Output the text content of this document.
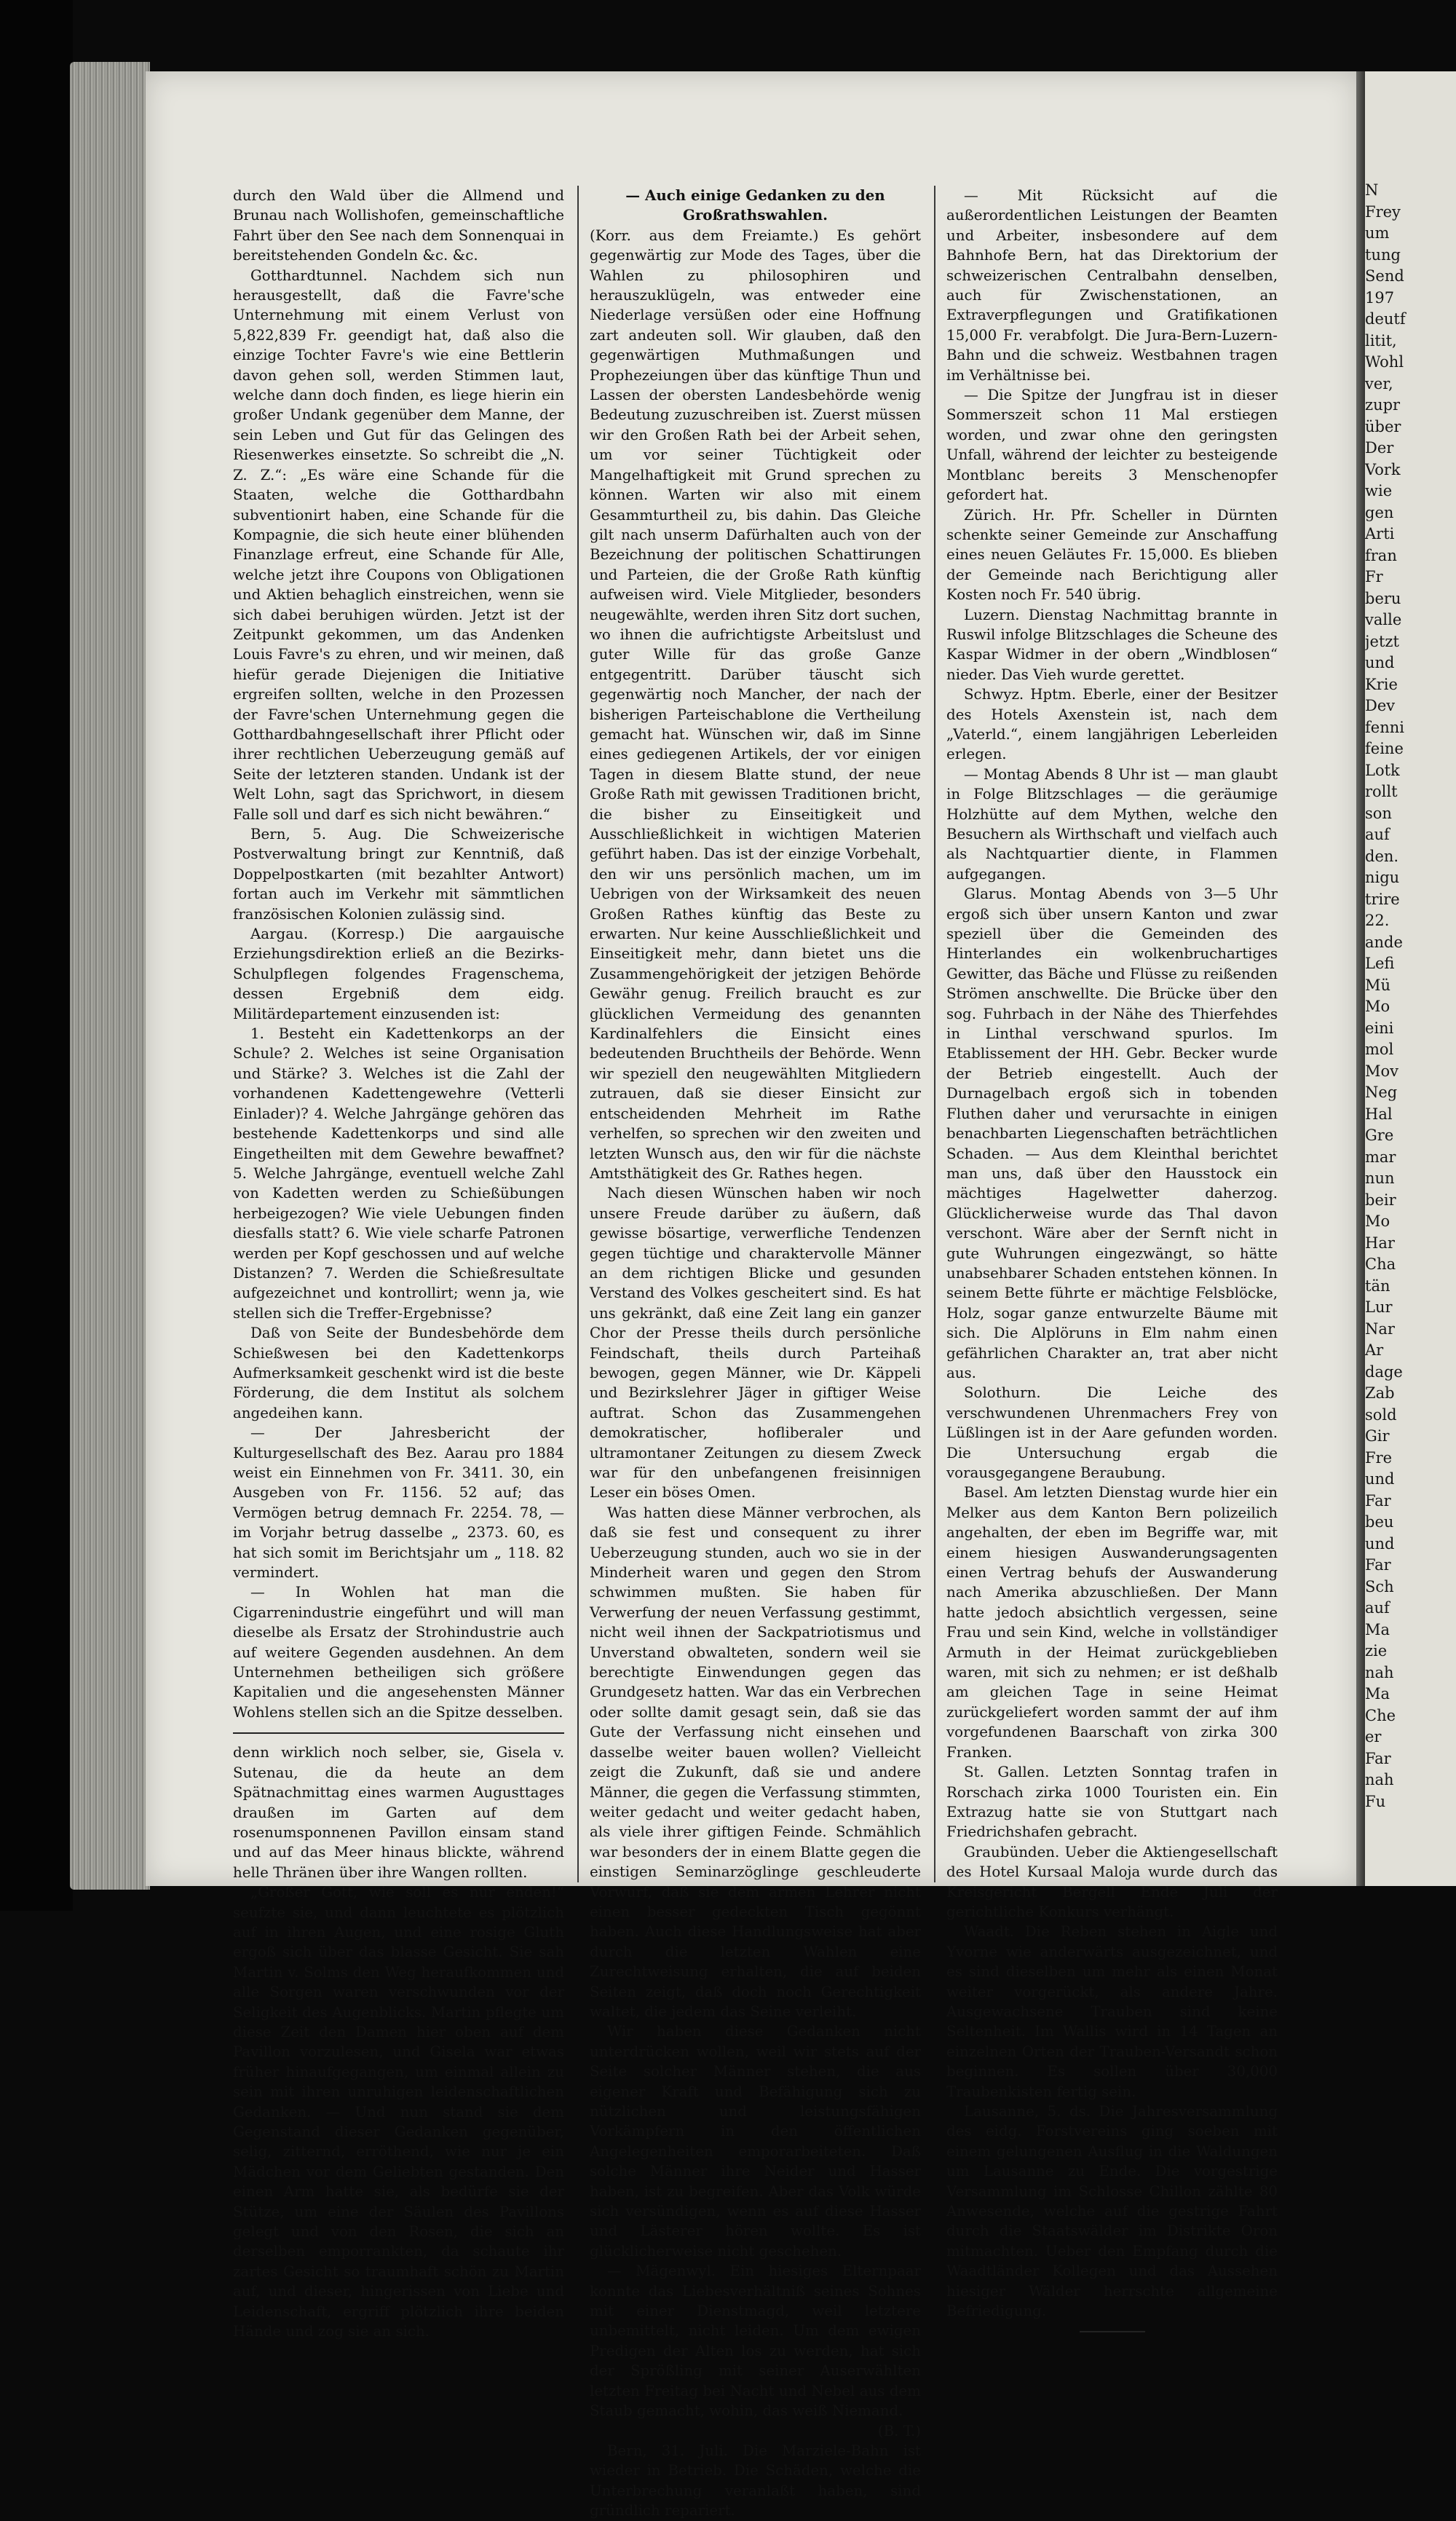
N
Frey
um
tung
Send
197
deutf
litit,
Wohl
ver,
zupr
über
Der
Vork
wie
gen
Arti
fran
Fr
beru
valle
jetzt
und
Krie
Dev
fenni
feine
Lotk
rollt
son
auf
den.
nigu
trire
22.
ande
Lefi
Mü
Mo
eini
mol
Mov
Neg
Hal
Gre
mar
nun
beir
Mo
Har
Cha
tän
Lur
Nar
Ar
dage
Zab
sold
Gir
Fre
und
Far
beu
und
Far
Sch
auf
Ma
zie
nah
Ma
Che
er
Far
nah
Fu

durch den Wald über die Allmend und Brunau nach Wollishofen, gemeinschaftliche Fahrt über den See nach dem Sonnenquai in bereitstehenden Gondeln &c. &c.

Gotthardtunnel. Nachdem sich nun herausgestellt, daß die Favre'sche Unternehmung mit einem Verlust von 5,822,839 Fr. geendigt hat, daß also die einzige Tochter Favre's wie eine Bettlerin davon gehen soll, werden Stimmen laut, welche dann doch finden, es liege hierin ein großer Undank gegenüber dem Manne, der sein Leben und Gut für das Gelingen des Riesenwerkes einsetzte. So schreibt die „N. Z. Z.“: „Es wäre eine Schande für die Staaten, welche die Gotthardbahn subventionirt haben, eine Schande für die Kompagnie, die sich heute einer blühenden Finanzlage erfreut, eine Schande für Alle, welche jetzt ihre Coupons von Obligationen und Aktien behaglich einstreichen, wenn sie sich dabei beruhigen würden. Jetzt ist der Zeitpunkt gekommen, um das Andenken Louis Favre's zu ehren, und wir meinen, daß hiefür gerade Diejenigen die Initiative ergreifen sollten, welche in den Prozessen der Favre'schen Unternehmung gegen die Gotthardbahngesellschaft ihrer Pflicht oder ihrer rechtlichen Ueberzeugung gemäß auf Seite der letzteren standen. Undank ist der Welt Lohn, sagt das Sprichwort, in diesem Falle soll und darf es sich nicht bewähren.“

Bern, 5. Aug. Die Schweizerische Postverwaltung bringt zur Kenntniß, daß Doppelpostkarten (mit bezahlter Antwort) fortan auch im Verkehr mit sämmtlichen französischen Kolonien zulässig sind.

Aargau. (Korresp.) Die aargauische Erziehungsdirektion erließ an die Bezirks-Schulpflegen folgendes Fragenschema, dessen Ergebniß dem eidg. Militärdepartement einzusenden ist:

1. Besteht ein Kadettenkorps an der Schule? 2. Welches ist seine Organisation und Stärke? 3. Welches ist die Zahl der vorhandenen Kadettengewehre (Vetterli Einlader)? 4. Welche Jahrgänge gehören das bestehende Kadettenkorps und sind alle Eingetheilten mit dem Gewehre bewaffnet? 5. Welche Jahrgänge, eventuell welche Zahl von Kadetten werden zu Schießübungen herbeigezogen? Wie viele Uebungen finden diesfalls statt? 6. Wie viele scharfe Patronen werden per Kopf geschossen und auf welche Distanzen? 7. Werden die Schießresultate aufgezeichnet und kontrollirt; wenn ja, wie stellen sich die Treffer-Ergebnisse?

Daß von Seite der Bundesbehörde dem Schießwesen bei den Kadettenkorps Aufmerksamkeit geschenkt wird ist die beste Förderung, die dem Institut als solchem angedeihen kann.

— Der Jahresbericht der Kulturgesellschaft des Bez. Aarau pro 1884 weist ein Einnehmen von Fr. 3411. 30, ein Ausgeben von Fr. 1156. 52 auf; das Vermögen betrug demnach Fr. 2254. 78, — im Vorjahr betrug dasselbe „ 2373. 60, es hat sich somit im Berichtsjahr um „ 118. 82 vermindert.

— In Wohlen hat man die Cigarrenindustrie eingeführt und will man dieselbe als Ersatz der Strohindustrie auch auf weitere Gegenden ausdehnen. An dem Unternehmen betheiligen sich größere Kapitalien und die angesehensten Männer Wohlens stellen sich an die Spitze desselben.

denn wirklich noch selber, sie, Gisela v. Sutenau, die da heute an dem Spätnachmittag eines warmen Augusttages draußen im Garten auf dem rosenumsponnenen Pavillon einsam stand und auf das Meer hinaus blickte, während helle Thränen über ihre Wangen rollten.

„Großer Gott, wie soll es nur enden!“ seufzte sie, und dann leuchtete es plötzlich auf in ihren Augen, und eine rosige Gluth ergoß sich über das blasse Gesicht. Sie sah Martin v. Solms den Weg heraufkommen und alle Sorgen waren verschwunden vor der Seligkeit des Augenblicks. Martin pflegte um diese Zeit den Damen hier oben auf dem Pavillon vorzulesen, und Gisela war etwas früher hinaufgegangen, um einmal allein zu sein mit ihren unruhigen leidenschaftlichen Gedanken. — Und nun stand sie dem Gegenstand dieser Gedanken gegenüber, selig, zitternd, erröthend, wie nur je ein Mädchen vor dem Geliebten gestanden. Den einen Arm hatte sie, als bedürfe sie der Stütze, um eine der Säulen des Pavillons gelegt und von den Rosen, die sich an derselben emporrankten, da schaute ihr zartes Gesicht so traumhaft schön zu Martin auf, und dieser, hingerissen von Liebe und Leidenschaft, ergriff plötzlich ihre beiden Hände und zog sie an sich.

— Auch einige Gedanken zu den Großrathswahlen.

(Korr. aus dem Freiamte.) Es gehört gegenwärtig zur Mode des Tages, über die Wahlen zu philosophiren und herauszuklügeln, was entweder eine Niederlage versüßen oder eine Hoffnung zart andeuten soll. Wir glauben, daß den gegenwärtigen Muthmaßungen und Prophezeiungen über das künftige Thun und Lassen der obersten Landesbehörde wenig Bedeutung zuzuschreiben ist. Zuerst müssen wir den Großen Rath bei der Arbeit sehen, um vor seiner Tüchtigkeit oder Mangelhaftigkeit mit Grund sprechen zu können. Warten wir also mit einem Gesammturtheil zu, bis dahin. Das Gleiche gilt nach unserm Dafürhalten auch von der Bezeichnung der politischen Schattirungen und Parteien, die der Große Rath künftig aufweisen wird. Viele Mitglieder, besonders neugewählte, werden ihren Sitz dort suchen, wo ihnen die aufrichtigste Arbeitslust und guter Wille für das große Ganze entgegentritt. Darüber täuscht sich gegenwärtig noch Mancher, der nach der bisherigen Parteischablone die Vertheilung gemacht hat. Wünschen wir, daß im Sinne eines gediegenen Artikels, der vor einigen Tagen in diesem Blatte stund, der neue Große Rath mit gewissen Traditionen bricht, die bisher zu Einseitigkeit und Ausschließlichkeit in wichtigen Materien geführt haben. Das ist der einzige Vorbehalt, den wir uns persönlich machen, um im Uebrigen von der Wirksamkeit des neuen Großen Rathes künftig das Beste zu erwarten. Nur keine Ausschließlichkeit und Einseitigkeit mehr, dann bietet uns die Zusammengehörigkeit der jetzigen Behörde Gewähr genug. Freilich braucht es zur glücklichen Vermeidung des genannten Kardinalfehlers die Einsicht eines bedeutenden Bruchtheils der Behörde. Wenn wir speziell den neugewählten Mitgliedern zutrauen, daß sie dieser Einsicht zur entscheidenden Mehrheit im Rathe verhelfen, so sprechen wir den zweiten und letzten Wunsch aus, den wir für die nächste Amtsthätigkeit des Gr. Rathes hegen.

Nach diesen Wünschen haben wir noch unsere Freude darüber zu äußern, daß gewisse bösartige, verwerfliche Tendenzen gegen tüchtige und charaktervolle Männer an dem richtigen Blicke und gesunden Verstand des Volkes gescheitert sind. Es hat uns gekränkt, daß eine Zeit lang ein ganzer Chor der Presse theils durch persönliche Feindschaft, theils durch Parteihaß bewogen, gegen Männer, wie Dr. Käppeli und Bezirkslehrer Jäger in giftiger Weise auftrat. Schon das Zusammengehen demokratischer, hofliberaler und ultramontaner Zeitungen zu diesem Zweck war für den unbefangenen freisinnigen Leser ein böses Omen.

Was hatten diese Männer verbrochen, als daß sie fest und consequent zu ihrer Ueberzeugung stunden, auch wo sie in der Minderheit waren und gegen den Strom schwimmen mußten. Sie haben für Verwerfung der neuen Verfassung gestimmt, nicht weil ihnen der Sackpatriotismus und Unverstand obwalteten, sondern weil sie berechtigte Einwendungen gegen das Grundgesetz hatten. War das ein Verbrechen oder sollte damit gesagt sein, daß sie das Gute der Verfassung nicht einsehen und dasselbe weiter bauen wollen? Vielleicht zeigt die Zukunft, daß sie und andere Männer, die gegen die Verfassung stimmten, weiter gedacht und weiter gedacht haben, als viele ihrer giftigen Feinde. Schmählich war besonders der in einem Blatte gegen die einstigen Seminarzöglinge geschleuderte Vorwurf, daß sie dem armen Lehrer nicht einen besser gedeckten Tisch gegönnt haben. Auch diese Handlungsweise hat aber durch die letzten Wahlen eine Zurechtweisung erhalten, die auf beiden Seiten zeigt, daß doch noch Gerechtigkeit waltet, die jedem das Seine verleiht.

Wir haben diese Gedanken nicht unterdrücken wollen, weil wir stets auf der Seite solcher Männer stehen, die aus eigener Kraft und Befähigung sich zu nützlichen und leistungsfähigen Vorkämpfern in den öffentlichen Angelegenheiten emporarbeiteten. Daß solche Männer ihre Neider und Hasser haben, ist zu begreifen. Aber das Volk würde sich versündigen, wenn es auf diese Hasser und Lästerer hören wollte. Es ist glücklicherweise nicht geschehen.

— Mägenwyl. Ein hiesiges Elternpaar konnte das Liebesverhältniß seines Sohnes mit einer Dienstmagd, weil letztere unbemittelt, nicht leiden. Um dem ewigen Predigen der Alten los zu werden, hat sich der Sprößling mit seiner Auserwählten letzten Freitag bei Nacht und Nebel aus dem Staub gemacht, wohin, das weiß Niemand.

(B. T.)

Bern, 31. Juli. Die Marziele-Bahn ist wieder in Betrieb. Die Schäden, welche die Unterbrechung veranlaßt haben, sind gründlich repariert.

— Mit Rücksicht auf die außerordentlichen Leistungen der Beamten und Arbeiter, insbesondere auf dem Bahnhofe Bern, hat das Direktorium der schweizerischen Centralbahn denselben, auch für Zwischenstationen, an Extraverpflegungen und Gratifikationen 15,000 Fr. verabfolgt. Die Jura-Bern-Luzern-Bahn und die schweiz. Westbahnen tragen im Verhältnisse bei.

— Die Spitze der Jungfrau ist in dieser Sommerszeit schon 11 Mal erstiegen worden, und zwar ohne den geringsten Unfall, während der leichter zu besteigende Montblanc bereits 3 Menschenopfer gefordert hat.

Zürich. Hr. Pfr. Scheller in Dürnten schenkte seiner Gemeinde zur Anschaffung eines neuen Geläutes Fr. 15,000. Es blieben der Gemeinde nach Berichtigung aller Kosten noch Fr. 540 übrig.

Luzern. Dienstag Nachmittag brannte in Ruswil infolge Blitzschlages die Scheune des Kaspar Widmer in der obern „Windblosen“ nieder. Das Vieh wurde gerettet.

Schwyz. Hptm. Eberle, einer der Besitzer des Hotels Axenstein ist, nach dem „Vaterld.“, einem langjährigen Leberleiden erlegen.

— Montag Abends 8 Uhr ist — man glaubt in Folge Blitzschlages — die geräumige Holzhütte auf dem Mythen, welche den Besuchern als Wirthschaft und vielfach auch als Nachtquartier diente, in Flammen aufgegangen.

Glarus. Montag Abends von 3—5 Uhr ergoß sich über unsern Kanton und zwar speziell über die Gemeinden des Hinterlandes ein wolkenbruchartiges Gewitter, das Bäche und Flüsse zu reißenden Strömen anschwellte. Die Brücke über den sog. Fuhrbach in der Nähe des Thierfehdes in Linthal verschwand spurlos. Im Etablissement der HH. Gebr. Becker wurde der Betrieb eingestellt. Auch der Durnagelbach ergoß sich in tobenden Fluthen daher und verursachte in einigen benachbarten Liegenschaften beträchtlichen Schaden. — Aus dem Kleinthal berichtet man uns, daß über den Hausstock ein mächtiges Hagelwetter daherzog. Glücklicherweise wurde das Thal davon verschont. Wäre aber der Sernft nicht in gute Wuhrungen eingezwängt, so hätte unabsehbarer Schaden entstehen können. In seinem Bette führte er mächtige Felsblöcke, Holz, sogar ganze entwurzelte Bäume mit sich. Die Alplöruns in Elm nahm einen gefährlichen Charakter an, trat aber nicht aus.

Solothurn. Die Leiche des verschwundenen Uhrenmachers Frey von Lüßlingen ist in der Aare gefunden worden. Die Untersuchung ergab die vorausgegangene Beraubung.

Basel. Am letzten Dienstag wurde hier ein Melker aus dem Kanton Bern polizeilich angehalten, der eben im Begriffe war, mit einem hiesigen Auswanderungsagenten einen Vertrag behufs der Auswanderung nach Amerika abzuschließen. Der Mann hatte jedoch absichtlich vergessen, seine Frau und sein Kind, welche in vollständiger Armuth in der Heimat zurückgeblieben waren, mit sich zu nehmen; er ist deßhalb am gleichen Tage in seine Heimat zurückgeliefert worden sammt der auf ihm vorgefundenen Baarschaft von zirka 300 Franken.

St. Gallen. Letzten Sonntag trafen in Rorschach zirka 1000 Touristen ein. Ein Extrazug hatte sie von Stuttgart nach Friedrichshafen gebracht.

Graubünden. Ueber die Aktiengesellschaft des Hotel Kursaal Maloja wurde durch das Kreisgericht Bergell Ende Juli der gerichtliche Konkurs verhängt.

Waadt. Die Reben stehen in Aigle und Yvorne wie anderwärts ausgezeichnet, und es sind dieselben um mehr als einen Monat weiter vorgerückt, als andere Jahre. Ausgewachsene Trauben sind keine Seltenheit. Im Wallis wird in 14 Tagen an einzelnen Orten der Trauben-Versandt schon beginnen. Es sollen über 30,000 Traubenkisten fertig sein.

Lausanne, 5. ds. Die Jahresversammlung des eidg. Forstvereins ging soeben mit einem gelungenen Ausflug in die Waldungen um Lausanne zu Ende. Die vorgestrige Versammlung im Schlosse Chillon zählte 80 Anwesende, welche auf die gestrige Fahrt durch die Staatswälder im Distrikte Oron mitmachten. Ueber den Empfang durch die Waadtländer Kollegen und das Aussehen hiesiger Wälder herrschte allgemeine Befriedigung.
